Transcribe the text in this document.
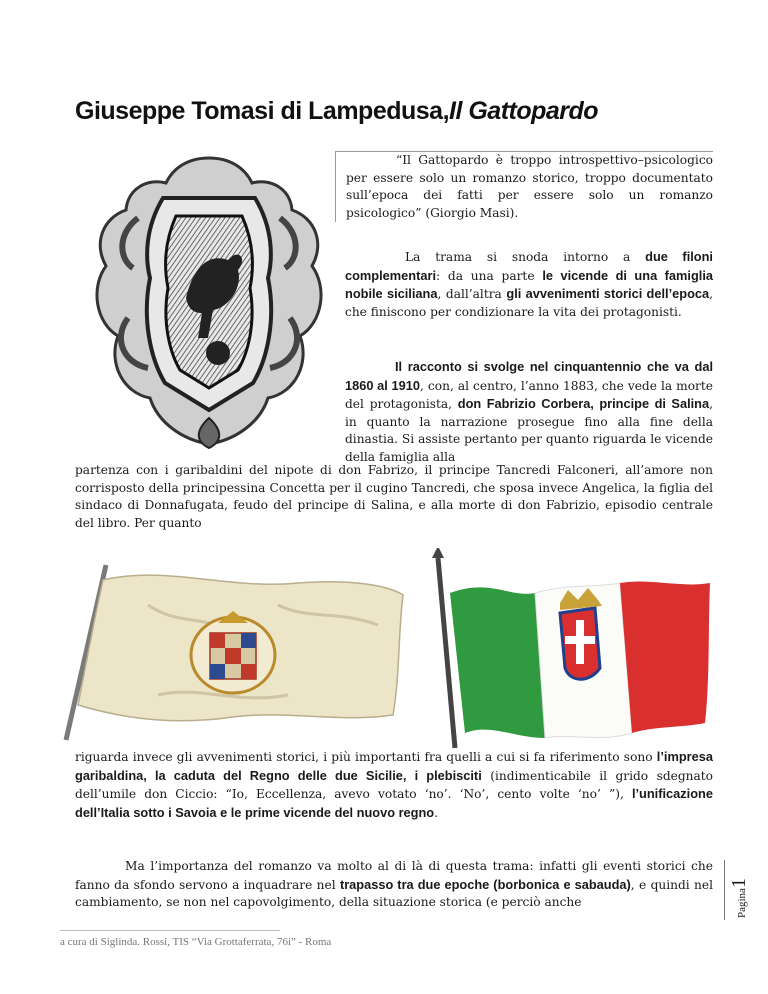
Giuseppe Tomasi di Lampedusa,Il Gattopardo

“Il Gattopardo è troppo introspettivo–psicologico per essere solo un romanzo storico, troppo documentato sull’epoca dei fatti per essere solo un romanzo psicologico” (Giorgio Masi).

La trama si snoda intorno a due filoni complementari: da una parte le vicende di una famiglia nobile siciliana, dall’altra gli avvenimenti storici dell’epoca, che finiscono per condizionare la vita dei protagonisti.

Il racconto si svolge nel cinquantennio che va dal 1860 al 1910, con, al centro, l’anno 1883, che vede la morte del protagonista, don Fabrizio Corbera, principe di Salina, in quanto la narrazione prosegue fino alla fine della dinastia. Si assiste pertanto per quanto riguarda le vicende della famiglia alla

partenza con i garibaldini del nipote di don Fabrizo, il principe Tancredi Falconeri, all’amore non corrisposto della principessina Concetta per il cugino Tancredi, che sposa invece Angelica, la figlia del sindaco di Donnafugata, feudo del principe di Salina, e alla morte di don Fabrizio, episodio centrale del libro. Per quanto

riguarda invece gli avvenimenti storici, i più importanti fra quelli a cui si fa riferimento sono l’impresa garibaldina, la caduta del Regno delle due Sicilie, i plebisciti (indimenticabile il grido sdegnato dell’umile don Ciccio: “Io, Eccellenza, avevo votato ‘no’. ‘No’, cento volte ‘no’ ”), l’unificazione dell’Italia sotto i Savoia e le prime vicende del nuovo regno.

Ma l’importanza del romanzo va molto al di là di questa trama: infatti gli eventi storici che fanno da sfondo servono a inquadrare nel trapasso tra due epoche (borbonica e sabauda), e quindi nel cambiamento, se non nel capovolgimento, della situazione storica (e perciò anche	Pagina1
a cura di Siglinda. Rossi, TIS “Via Grottaferrata, 76i” - Roma
